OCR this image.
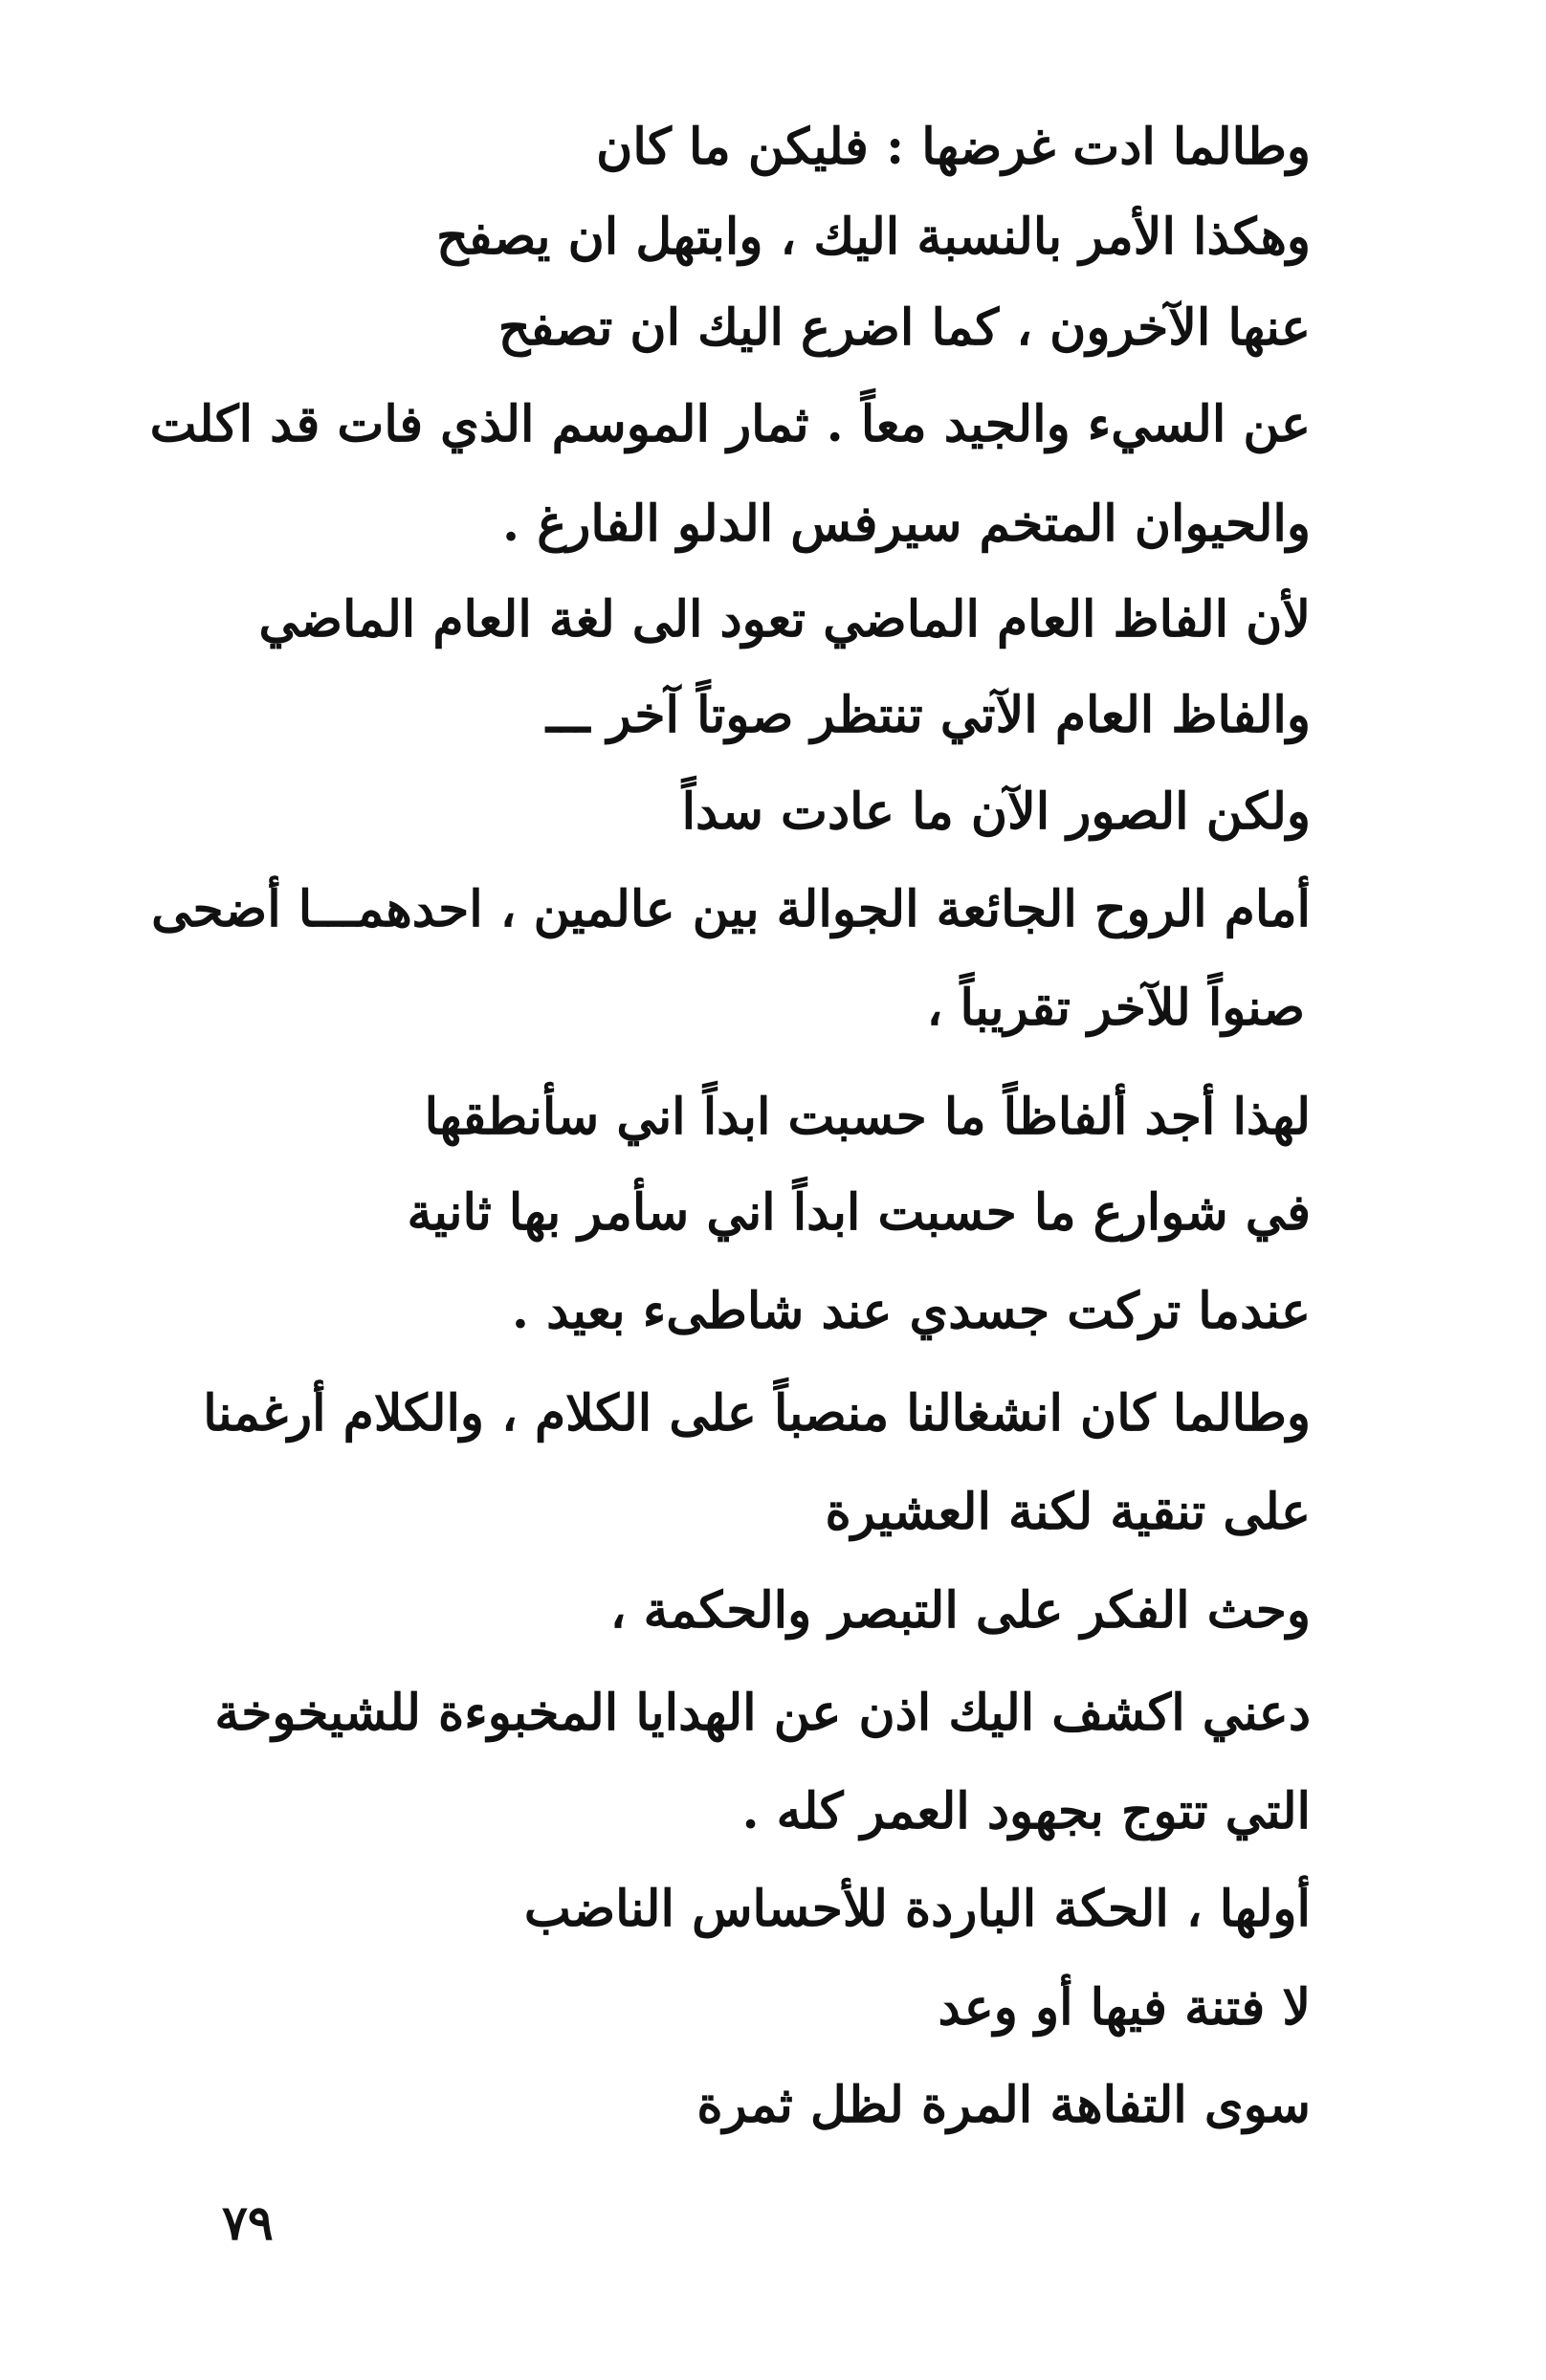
وطالما ادت غرضها : فليكن ما كان
وهكذا الأمر بالنسبة اليك ، وابتهل ان يصفح
عنها الآخرون ، كما اضرع اليك ان تصفح
عن السيء والجيد معاً . ثمار الموسم الذي فات قد اكلت
والحيوان المتخم سيرفس الدلو الفارغ .
لأن الفاظ العام الماضي تعود الى لغة العام الماضي
والفاظ العام الآتي تنتظر صوتاً آخر ـــ
ولكن الصور الآن ما عادت سداً
أمام الروح الجائعة الجوالة بين عالمين ، احدهمـــا أضحى
صنواً للآخر تقريباً ،
لهذا أجد ألفاظاً ما حسبت ابداً اني سأنطقها
في شوارع ما حسبت ابداً اني سأمر بها ثانية
عندما تركت جسدي عند شاطىء بعيد .
وطالما كان انشغالنا منصباً على الكلام ، والكلام أرغمنا
على تنقية لكنة العشيرة
وحث الفكر على التبصر والحكمة ،
دعني اكشف اليك اذن عن الهدايا المخبوءة للشيخوخة
التي تتوج بجهود العمر كله .
أولها ، الحكة الباردة للأحساس الناضب
لا فتنة فيها أو وعد
سوى التفاهة المرة لظل ثمرة
٧٩
